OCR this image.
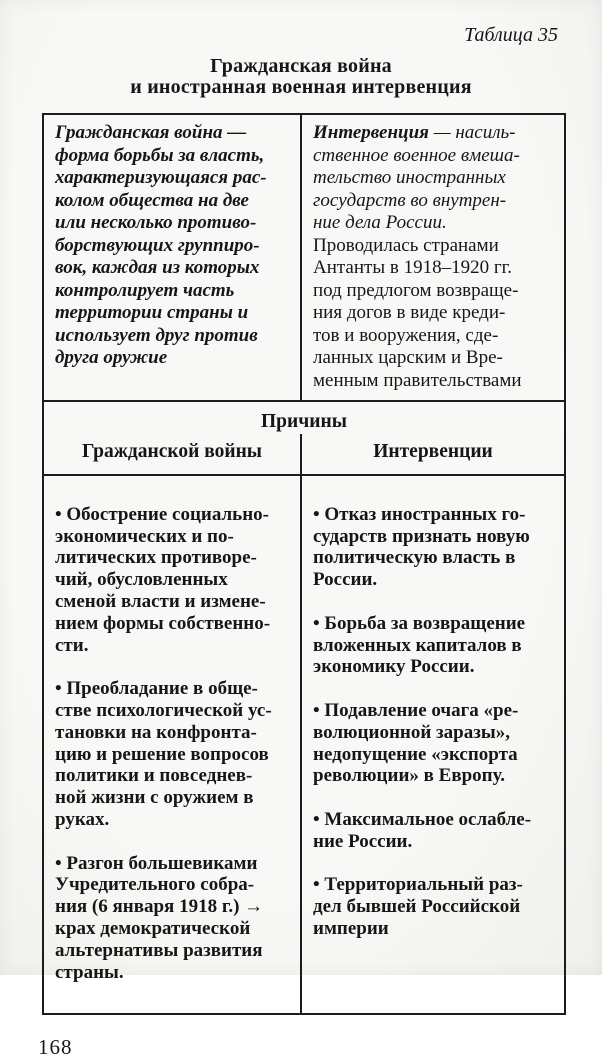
Таблица 35
Гражданская война
и иностранная военная интервенция
Гражданская война —
форма борьбы за власть,
характеризующаяся рас-
колом общества на две
или несколько противо-
борствующих группиро-
вок, каждая из которых
контролирует часть
территории страны и
использует друг против
друга оружие
Интервенция — насиль-
ственное военное вмеша-
тельство иностранных
государств во внутрен-
ние дела России.
Проводилась странами
Антанты в 1918–1920 гг.
под предлогом возвраще-
ния догов в виде креди-
тов и вооружения, сде-
ланных царским и Вре-
менным правительствами
Причины
Гражданской войны	Интервенции

• Обострение социально-
экономических и по-
литических противоре-
чий, обусловленных
сменой власти и измене-
нием формы собственно-
сти.

• Преобладание в обще-
стве психологической ус-
тановки на конфронта-
цию и решение вопросов
политики и повседнев-
ной жизни с оружием в
руках.

• Разгон большевиками
Учредительного собра-
ния (6 января 1918 г.) →
крах демократической
альтернативы развития
страны.

• Отказ иностранных го-
сударств признать новую
политическую власть в
России.

• Борьба за возвращение
вложенных капиталов в
экономику России.

• Подавление очага «ре-
волюционной заразы»,
недопущение «экспорта
революции» в Европу.

• Максимальное ослабле-
ние России.

• Территориальный раз-
дел бывшей Российской
империи

168
